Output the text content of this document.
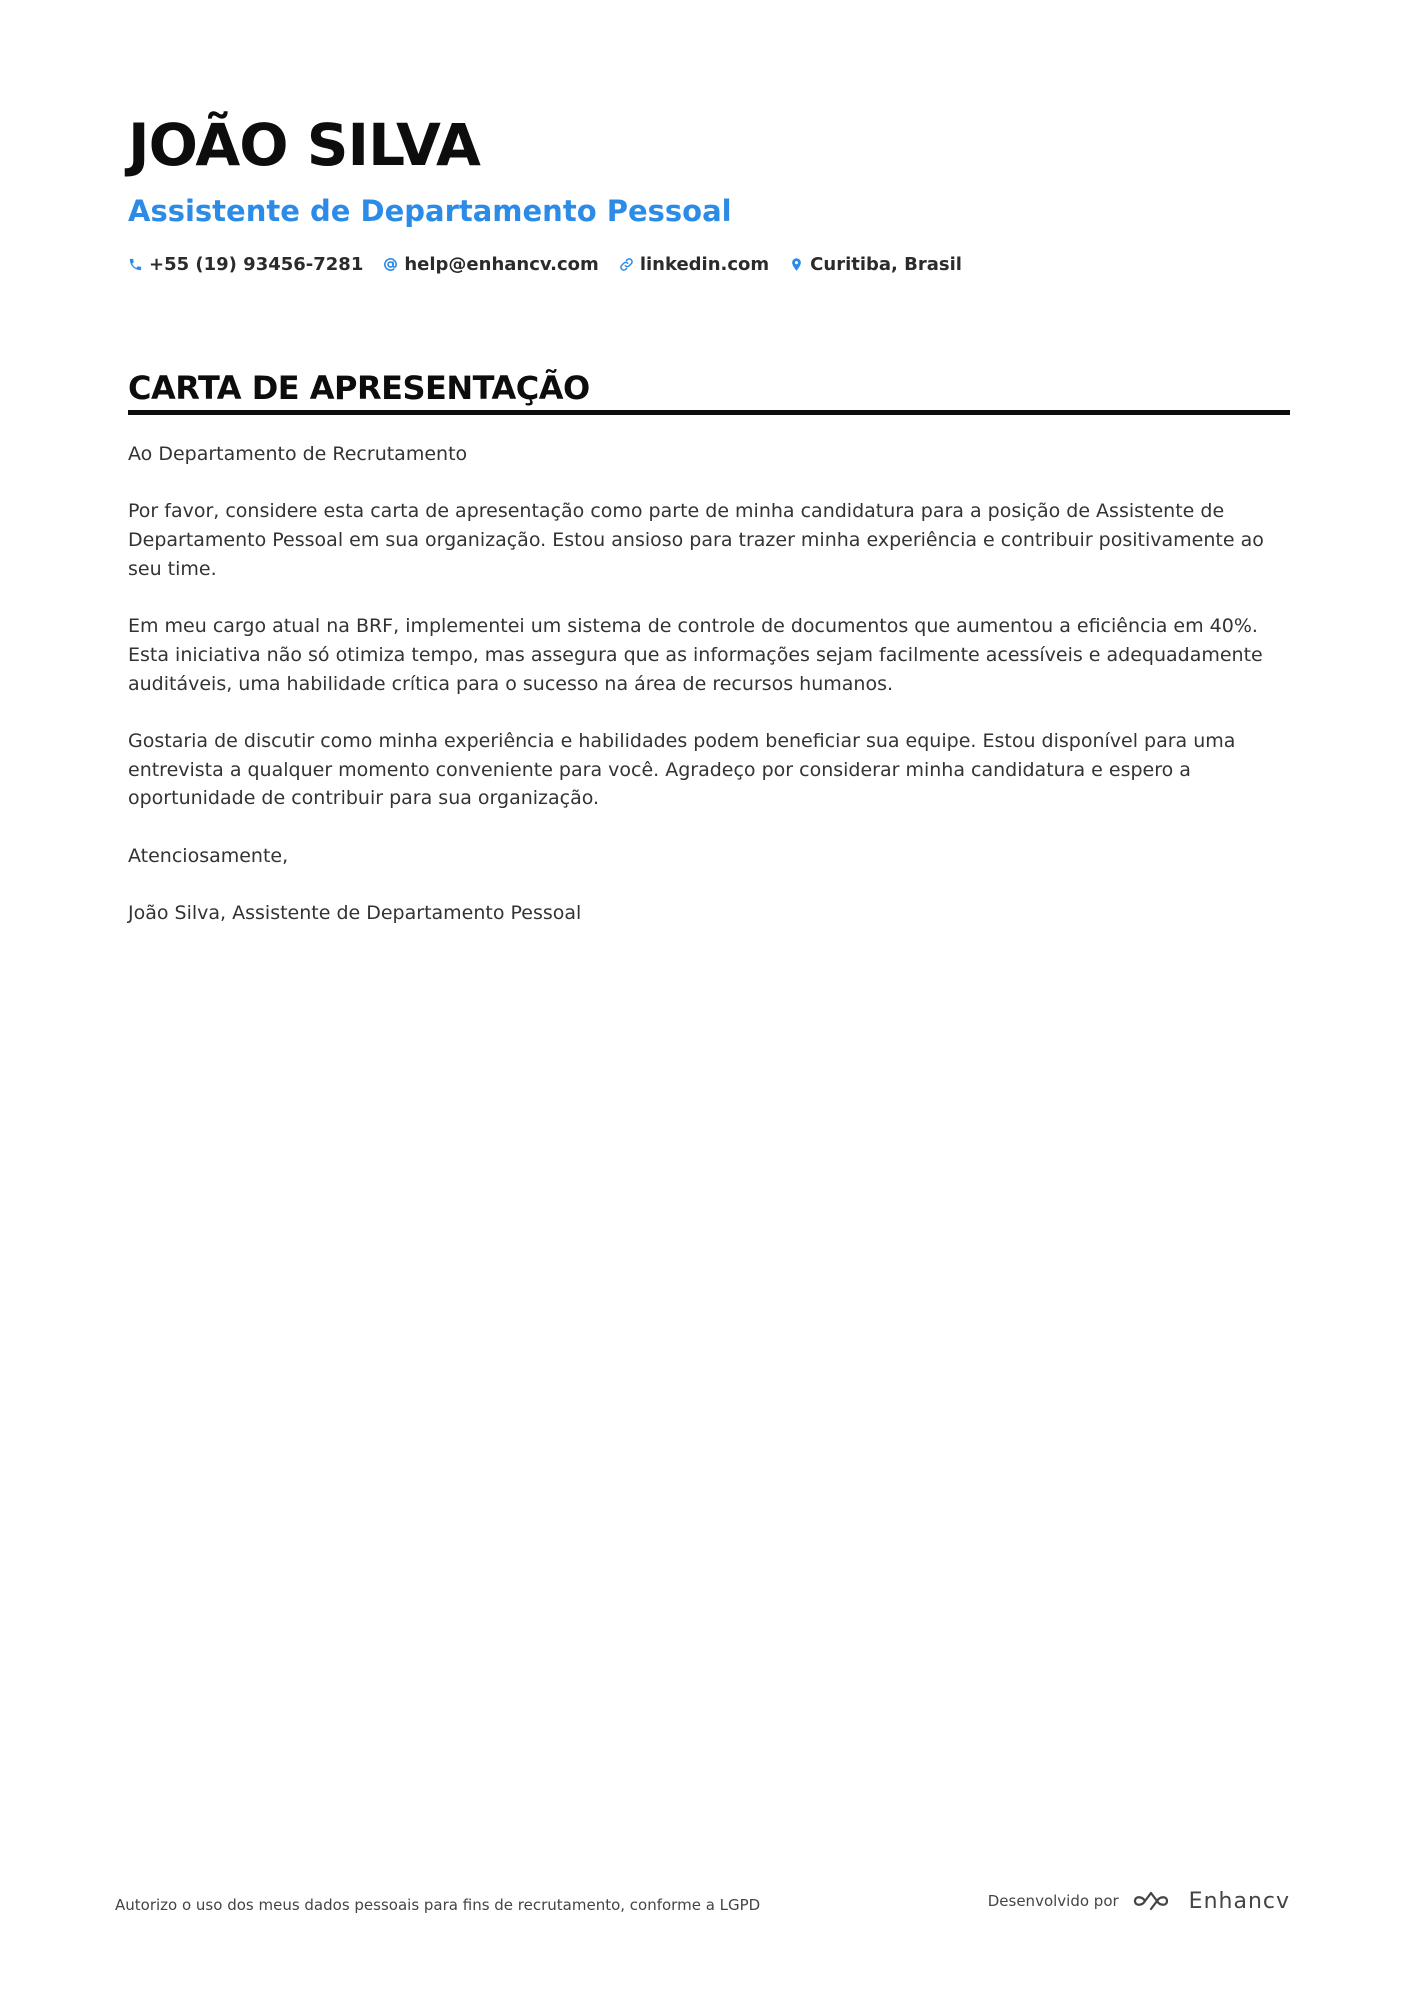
JOÃO SILVA
Assistente de Departamento Pessoal
+55 (19) 93456-7281 help@enhancv.com linkedin.com Curitiba, Brasil
CARTA DE APRESENTAÇÃO

Ao Departamento de Recrutamento

Por favor, considere esta carta de apresentação como parte de minha candidatura para a posição de Assistente de Departamento Pessoal em sua organização. Estou ansioso para trazer minha experiência e contribuir positivamente ao seu time.

Em meu cargo atual na BRF, implementei um sistema de controle de documentos que aumentou a eficiência em 40%. Esta iniciativa não só otimiza tempo, mas assegura que as informações sejam facilmente acessíveis e adequadamente auditáveis, uma habilidade crítica para o sucesso na área de recursos humanos.

Gostaria de discutir como minha experiência e habilidades podem beneficiar sua equipe. Estou disponível para uma entrevista a qualquer momento conveniente para você. Agradeço por considerar minha candidatura e espero a oportunidade de contribuir para sua organização.

Atenciosamente,

João Silva, Assistente de Departamento Pessoal

Autorizo o uso dos meus dados pessoais para fins de recrutamento, conforme a LGPD	Desenvolvido por	Enhancv
